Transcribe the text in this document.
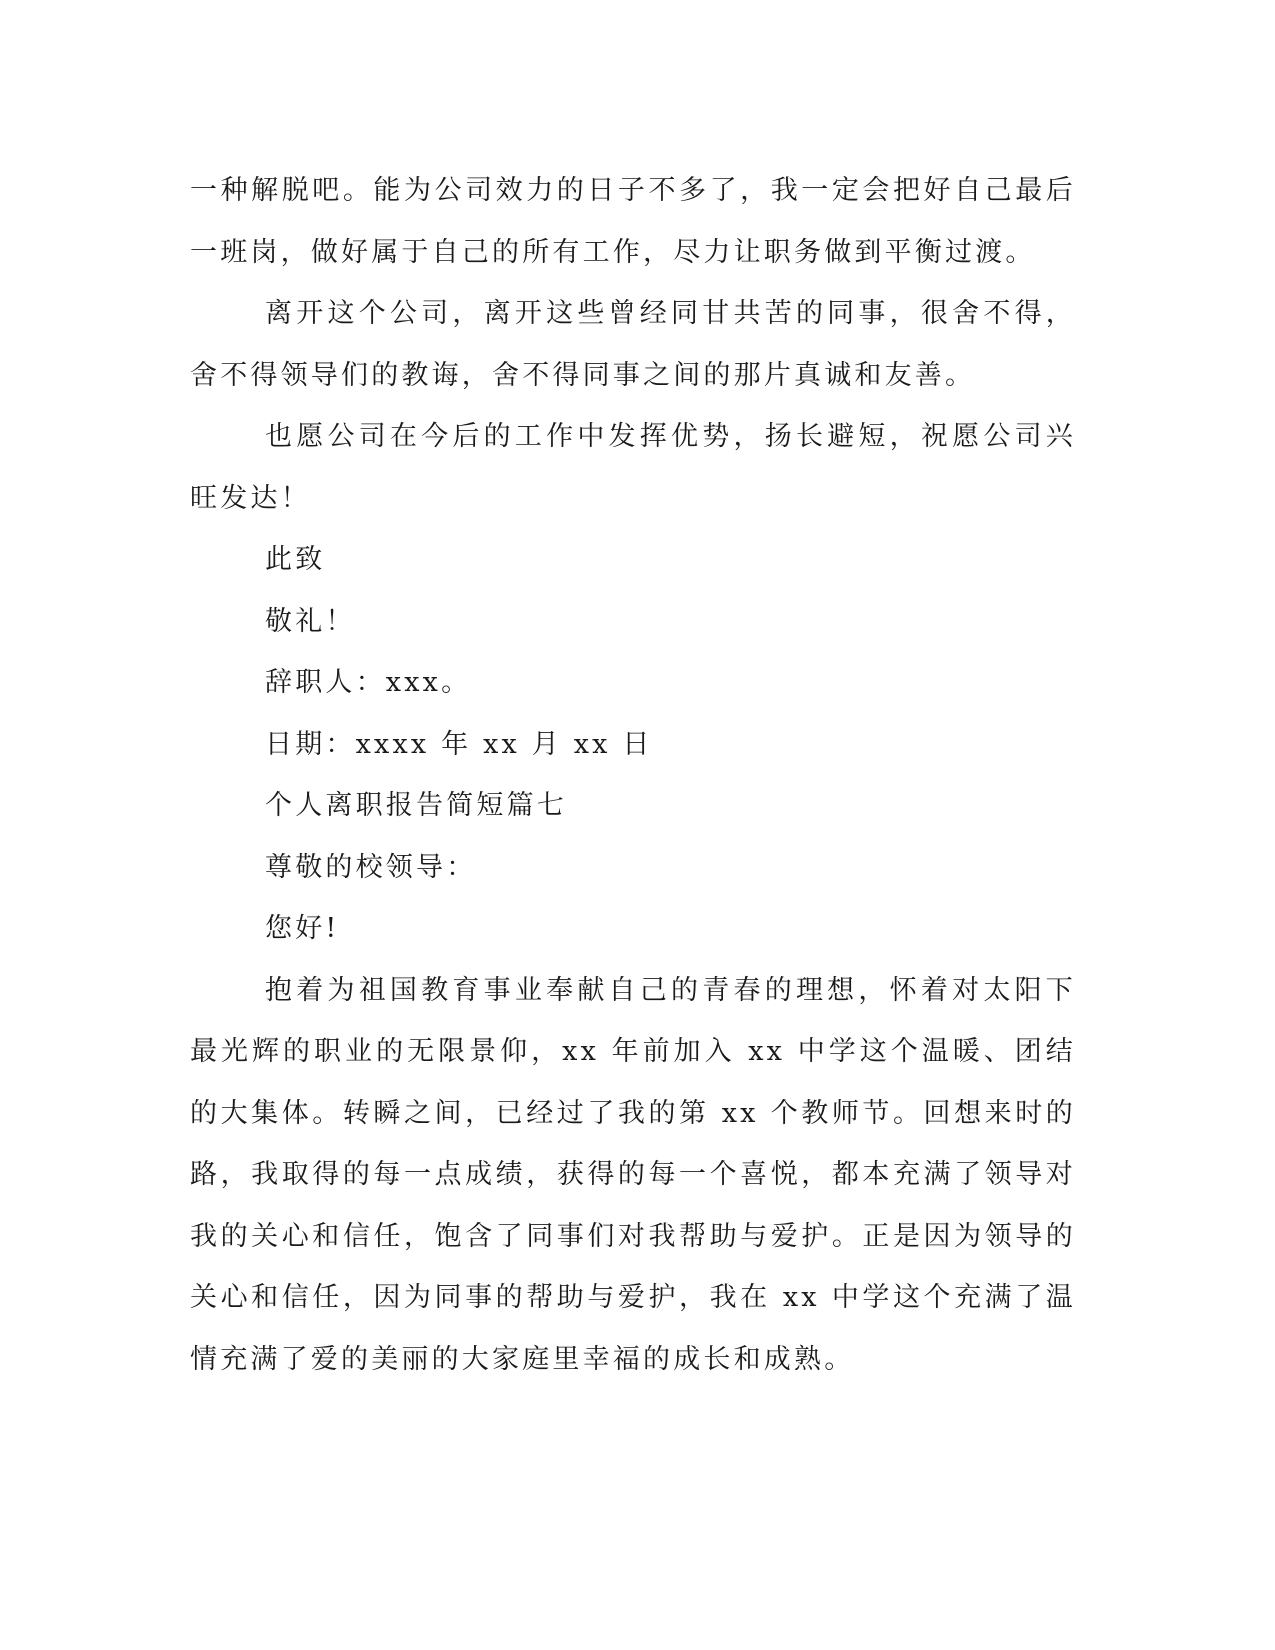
一种解脱吧。能为公司效力的日子不多了，我一定会把好自己最后一班岗，做好属于自己的所有工作，尽力让职务做到平衡过渡。

离开这个公司，离开这些曾经同甘共苦的同事，很舍不得，舍不得领导们的教诲，舍不得同事之间的那片真诚和友善。

也愿公司在今后的工作中发挥优势，扬长避短，祝愿公司兴旺发达！

此致

敬礼！

辞职人：xxx。

日期：xxxx 年 xx 月 xx 日

个人离职报告简短篇七

尊敬的校领导：

您好!

抱着为祖国教育事业奉献自己的青春的理想，怀着对太阳下最光辉的职业的无限景仰，xx 年前加入 xx 中学这个温暖、团结的大集体。转瞬之间，已经过了我的第 xx 个教师节。回想来时的路，我取得的每一点成绩，获得的每一个喜悦，都本充满了领导对我的关心和信任，饱含了同事们对我帮助与爱护。正是因为领导的关心和信任，因为同事的帮助与爱护，我在 xx 中学这个充满了温情充满了爱的美丽的大家庭里幸福的成长和成熟。
